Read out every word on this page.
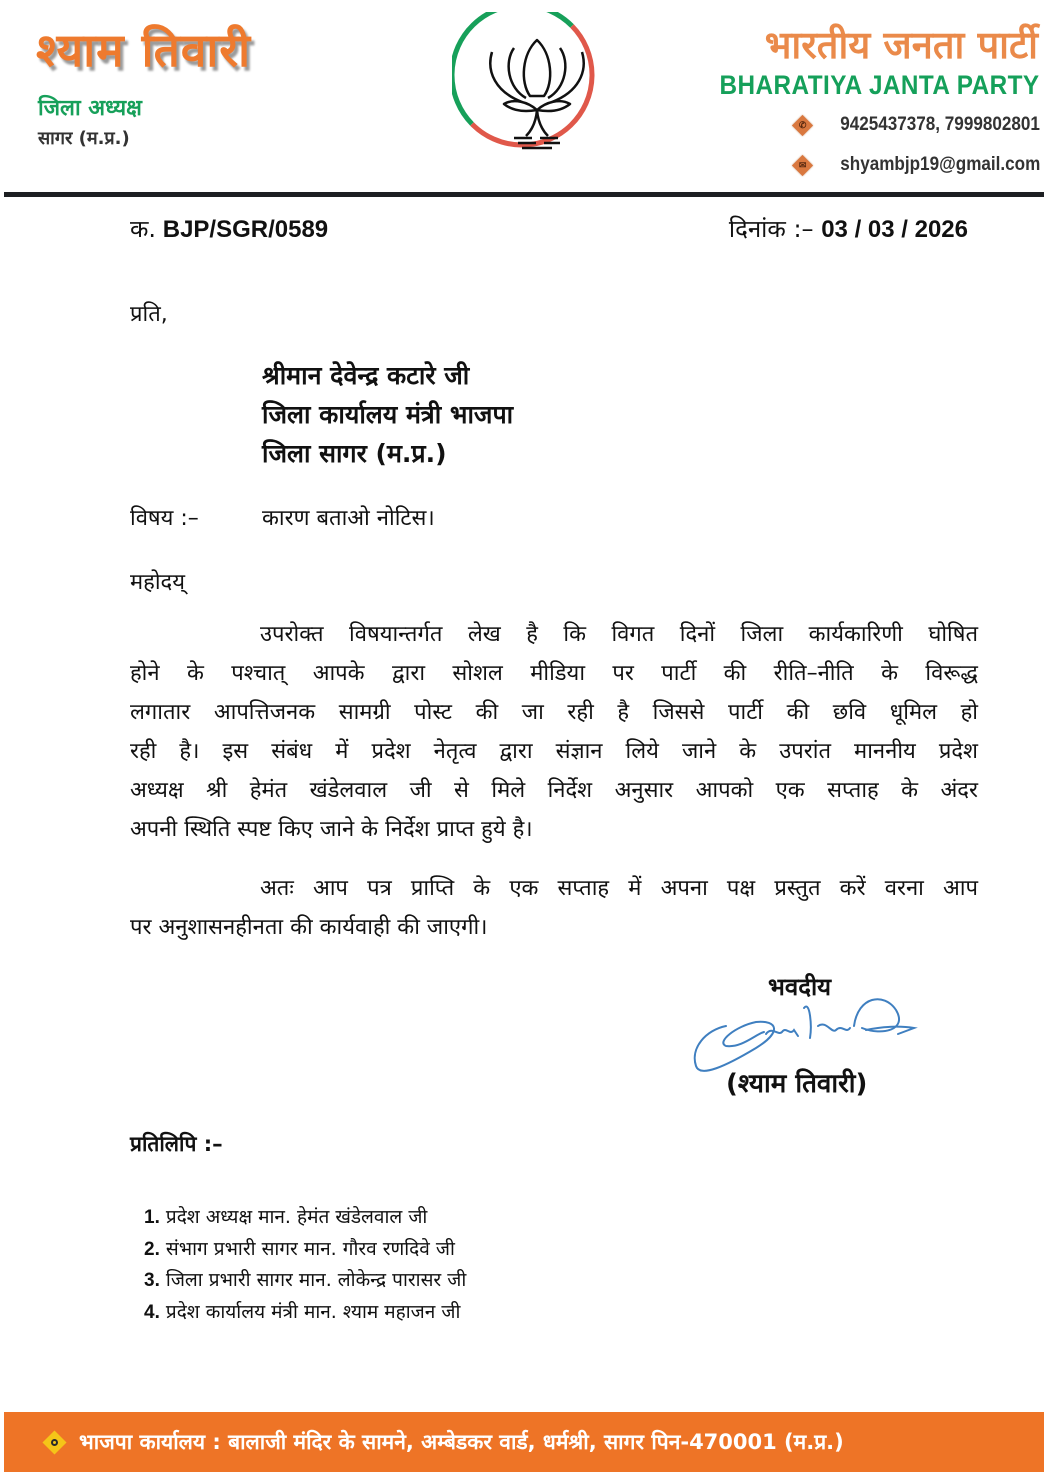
श्याम तिवारी
जिला अध्यक्ष
सागर (म.प्र.)
भारतीय जनता पार्टी
BHARATIYA JANTA PARTY
✆ 9425437378, 7999802801
✉ shyambjp19@gmail.com
क. BJP/SGR/0589	दिनांक :– 03 / 03 / 2026
प्रति,
श्रीमान देवेन्द्र कटारे जी
जिला कार्यालय मंत्री भाजपा
जिला सागर (म.प्र.)
विषय :–	कारण बताओ नोटिस।
महोदय्
उपरोक्त विषयान्तर्गत लेख है कि विगत दिनों जिला कार्यकारिणी घोषित
होने के पश्चात् आपके द्वारा सोशल मीडिया पर पार्टी की रीति–नीति के विरूद्ध
लगातार आपत्तिजनक सामग्री पोस्ट की जा रही है जिससे पार्टी की छवि धूमिल हो
रही है। इस संबंध में प्रदेश नेतृत्व द्वारा संज्ञान लिये जाने के उपरांत माननीय प्रदेश
अध्यक्ष श्री हेमंत खंडेलवाल जी से मिले निर्देश अनुसार आपको एक सप्ताह के अंदर
अपनी स्थिति स्पष्ट किए जाने के निर्देश प्राप्त हुये है।
अतः आप पत्र प्राप्ति के एक सप्ताह में अपना पक्ष प्रस्तुत करें वरना आप
पर अनुशासनहीनता की कार्यवाही की जाएगी।
भवदीय
(श्याम तिवारी)
प्रतिलिपि :–
1. प्रदेश अध्यक्ष मान. हेमंत खंडेलवाल जी
2. संभाग प्रभारी सागर मान. गौरव रणदिवे जी
3. जिला प्रभारी सागर मान. लोकेन्द्र पारासर जी
4. प्रदेश कार्यालय मंत्री मान. श्याम महाजन जी
भाजपा कार्यालय : बालाजी मंदिर के सामने, अम्बेडकर वार्ड, धर्मश्री, सागर पिन-470001 (म.प्र.)
